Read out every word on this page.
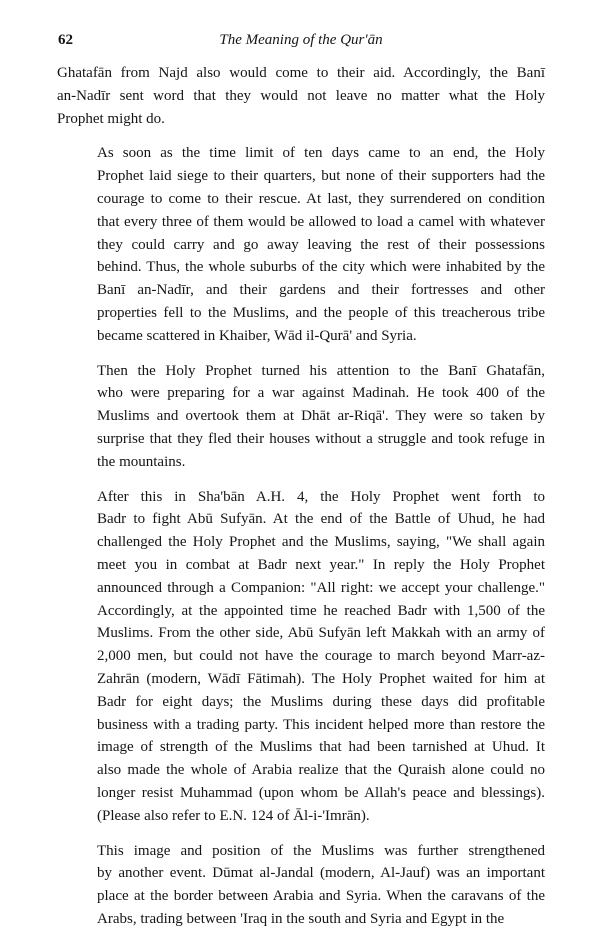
62	The Meaning of the Qur'ān

Ghatafān from Najd also would come to their aid. Accordingly, the Banī
an-Nadīr sent word that they would not leave no matter what the Holy
Prophet might do.

As soon as the time limit of ten days came to an end, the Holy
Prophet laid siege to their quarters, but none of their supporters had the
courage to come to their rescue. At last, they surrendered on condition
that every three of them would be allowed to load a camel with whatever
they could carry and go away leaving the rest of their possessions
behind. Thus, the whole suburbs of the city which were inhabited by the
Banī an-Nadīr, and their gardens and their fortresses and other
properties fell to the Muslims, and the people of this treacherous tribe
became scattered in Khaiber, Wād il-Qurā' and Syria.

Then the Holy Prophet turned his attention to the Banī Ghatafān,
who were preparing for a war against Madinah. He took 400 of the
Muslims and overtook them at Dhāt ar-Riqā'. They were so taken by
surprise that they fled their houses without a struggle and took refuge in
the mountains.

After this in Sha'bān A.H. 4, the Holy Prophet went forth to
Badr to fight Abū Sufyān. At the end of the Battle of Uhud, he had
challenged the Holy Prophet and the Muslims, saying, "We shall again
meet you in combat at Badr next year." In reply the Holy Prophet
announced through a Companion: "All right: we accept your challenge."
Accordingly, at the appointed time he reached Badr with 1,500 of the
Muslims. From the other side, Abū Sufyān left Makkah with an army of
2,000 men, but could not have the courage to march beyond Marr-az-
Zahrān (modern, Wādī Fātimah). The Holy Prophet waited for him at
Badr for eight days; the Muslims during these days did profitable
business with a trading party. This incident helped more than restore the
image of strength of the Muslims that had been tarnished at Uhud. It
also made the whole of Arabia realize that the Quraish alone could no
longer resist Muhammad (upon whom be Allah's peace and blessings).
(Please also refer to E.N. 124 of Āl-i-'Imrān).

This image and position of the Muslims was further strengthened
by another event. Dūmat al-Jandal (modern, Al-Jauf) was an important
place at the border between Arabia and Syria. When the caravans of the
Arabs, trading between 'Iraq in the south and Syria and Egypt in the
